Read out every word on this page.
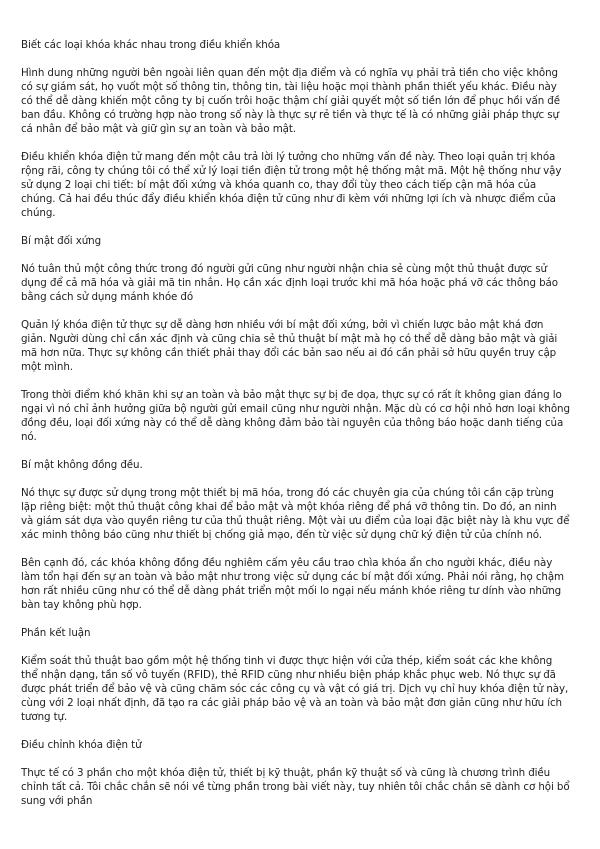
Biết các loại khóa khác nhau trong điều khiển khóa

Hình dung những người bên ngoài liên quan đến một địa điểm và có nghĩa vụ phải trả tiền cho việc không có sự giám sát, họ vuốt một số thông tin, thông tin, tài liệu hoặc mọi thành phần thiết yếu khác. Điều này có thể dễ dàng khiến một công ty bị cuốn trôi hoặc thậm chí giải quyết một số tiền lớn để phục hồi vấn đề ban đầu. Không có trường hợp nào trong số này là thực sự rẻ tiền và thực tế là có những giải pháp thực sự cá nhân để bảo mật và giữ gìn sự an toàn và bảo mật.

Điều khiển khóa điện tử mang đến một câu trả lời lý tưởng cho những vấn đề này. Theo loại quản trị khóa rộng rãi, công ty chúng tôi có thể xử lý loại tiền điện tử trong một hệ thống mật mã. Một hệ thống như vậy sử dụng 2 loại chi tiết: bí mật đối xứng và khóa quanh co, thay đổi tùy theo cách tiếp cận mã hóa của chúng. Cả hai đều thúc đẩy điều khiển khóa điện tử cũng như đi kèm với những lợi ích và nhược điểm của chúng.

Bí mật đối xứng

Nó tuân thủ một công thức trong đó người gửi cũng như người nhận chia sẻ cùng một thủ thuật được sử dụng để cả mã hóa và giải mã tin nhắn. Họ cần xác định loại trước khi mã hóa hoặc phá vỡ các thông báo bằng cách sử dụng mánh khóe đó

Quản lý khóa điện tử thực sự dễ dàng hơn nhiều với bí mật đối xứng, bởi vì chiến lược bảo mật khá đơn giản. Người dùng chỉ cần xác định và cũng chia sẻ thủ thuật bí mật mà họ có thể dễ dàng bảo mật và giải mã hơn nữa. Thực sự không cần thiết phải thay đổi các bản sao nếu ai đó cần phải sở hữu quyền truy cập một mình.

Trong thời điểm khó khăn khi sự an toàn và bảo mật thực sự bị đe dọa, thực sự có rất ít không gian đáng lo ngại vì nó chỉ ảnh hưởng giữa bộ người gửi email cũng như người nhận. Mặc dù có cơ hội nhỏ hơn loại không đồng đều, loại đối xứng này có thể dễ dàng không đảm bảo tài nguyên của thông báo hoặc danh tiếng của nó.

Bí mật không đồng đều.

Nó thực sự được sử dụng trong một thiết bị mã hóa, trong đó các chuyên gia của chúng tôi cần cặp trùng lặp riêng biệt: một thủ thuật công khai để bảo mật và một khóa riêng để phá vỡ thông tin. Do đó, an ninh và giám sát dựa vào quyền riêng tư của thủ thuật riêng. Một vài ưu điểm của loại đặc biệt này là khu vực để xác minh thông báo cũng như thiết bị chống giả mạo, đến từ việc sử dụng chữ ký điện tử của chính nó.

Bên cạnh đó, các khóa không đồng đều nghiêm cấm yêu cầu trao chìa khóa ẩn cho người khác, điều này làm tổn hại đến sự an toàn và bảo mật như trong việc sử dụng các bí mật đối xứng. Phải nói rằng, họ chậm hơn rất nhiều cũng như có thể dễ dàng phát triển một mối lo ngại nếu mánh khóe riêng tư dính vào những bàn tay không phù hợp.

Phần kết luận

Kiểm soát thủ thuật bao gồm một hệ thống tinh vi được thực hiện với cửa thép, kiểm soát các khe không thể nhận dạng, tần số vô tuyến (RFID), thẻ RFID cũng như nhiều biện pháp khắc phục web. Nó thực sự đã được phát triển để bảo vệ và cũng chăm sóc các công cụ và vật có giá trị. Dịch vụ chỉ huy khóa điện tử này, cùng với 2 loại nhất định, đã tạo ra các giải pháp bảo vệ và an toàn và bảo mật đơn giản cũng như hữu ích tương tự.

Điều chỉnh khóa điện tử

Thực tế có 3 phần cho một khóa điện tử, thiết bị kỹ thuật, phần kỹ thuật số và cũng là chương trình điều chỉnh tất cả. Tôi chắc chắn sẽ nói về từng phần trong bài viết này, tuy nhiên tôi chắc chắn sẽ dành cơ hội bổ sung với phần
